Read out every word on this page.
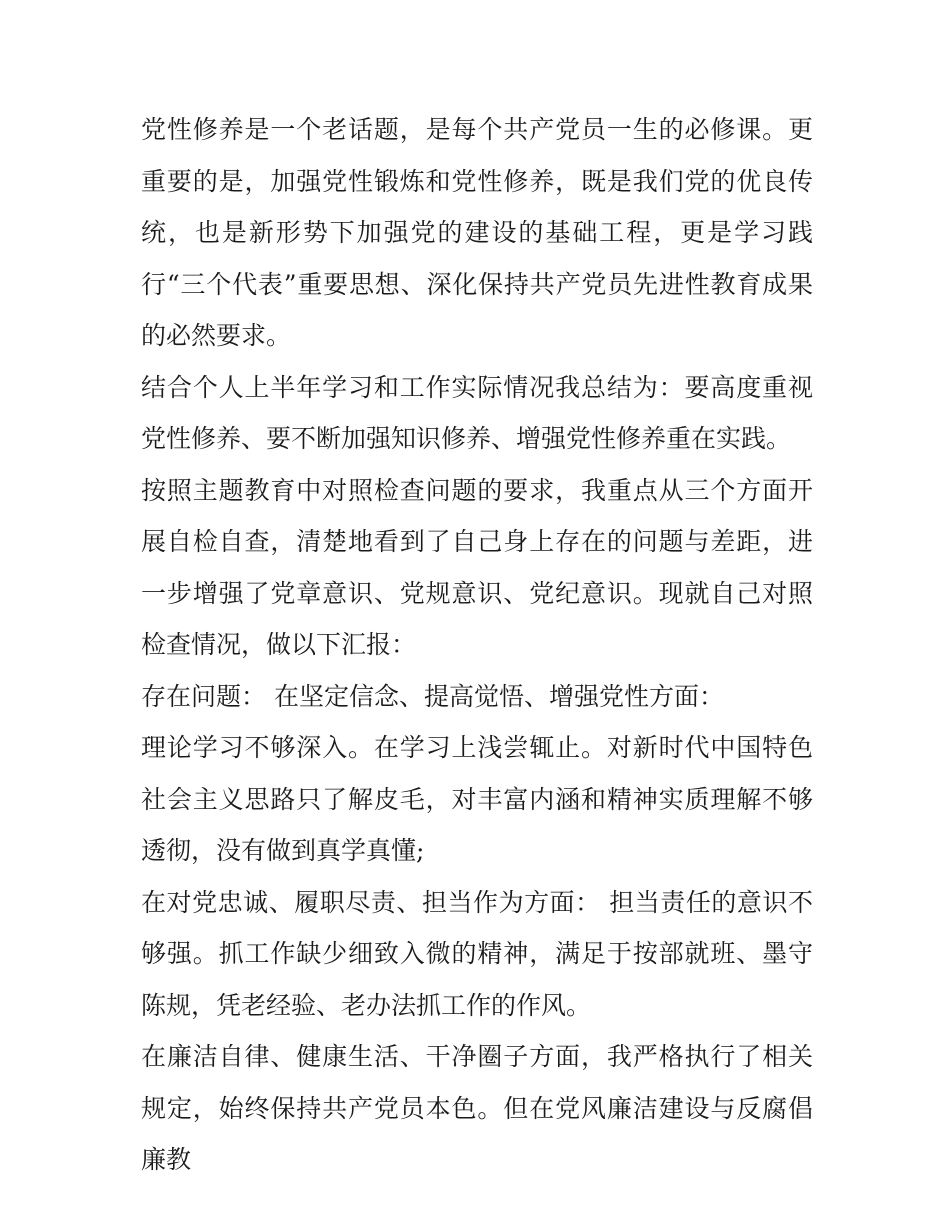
党性修养是一个老话题，是每个共产党员一生的必修课。更重要的是，加强党性锻炼和党性修养，既是我们党的优良传统，也是新形势下加强党的建设的基础工程，更是学习践行“三个代表”重要思想、深化保持共产党员先进性教育成果的必然要求。

结合个人上半年学习和工作实际情况我总结为：要高度重视党性修养、要不断加强知识修养、增强党性修养重在实践。

按照主题教育中对照检查问题的要求，我重点从三个方面开展自检自查，清楚地看到了自己身上存在的问题与差距，进一步增强了党章意识、党规意识、党纪意识。现就自己对照检查情况，做以下汇报：

存在问题： 在坚定信念、提高觉悟、增强党性方面：

理论学习不够深入。在学习上浅尝辄止。对新时代中国特色社会主义思路只了解皮毛，对丰富内涵和精神实质理解不够透彻，没有做到真学真懂;

在对党忠诚、履职尽责、担当作为方面： 担当责任的意识不够强。抓工作缺少细致入微的精神，满足于按部就班、墨守陈规，凭老经验、老办法抓工作的作风。

在廉洁自律、健康生活、干净圈子方面，我严格执行了相关规定，始终保持共产党员本色。但在党风廉洁建设与反腐倡廉教
